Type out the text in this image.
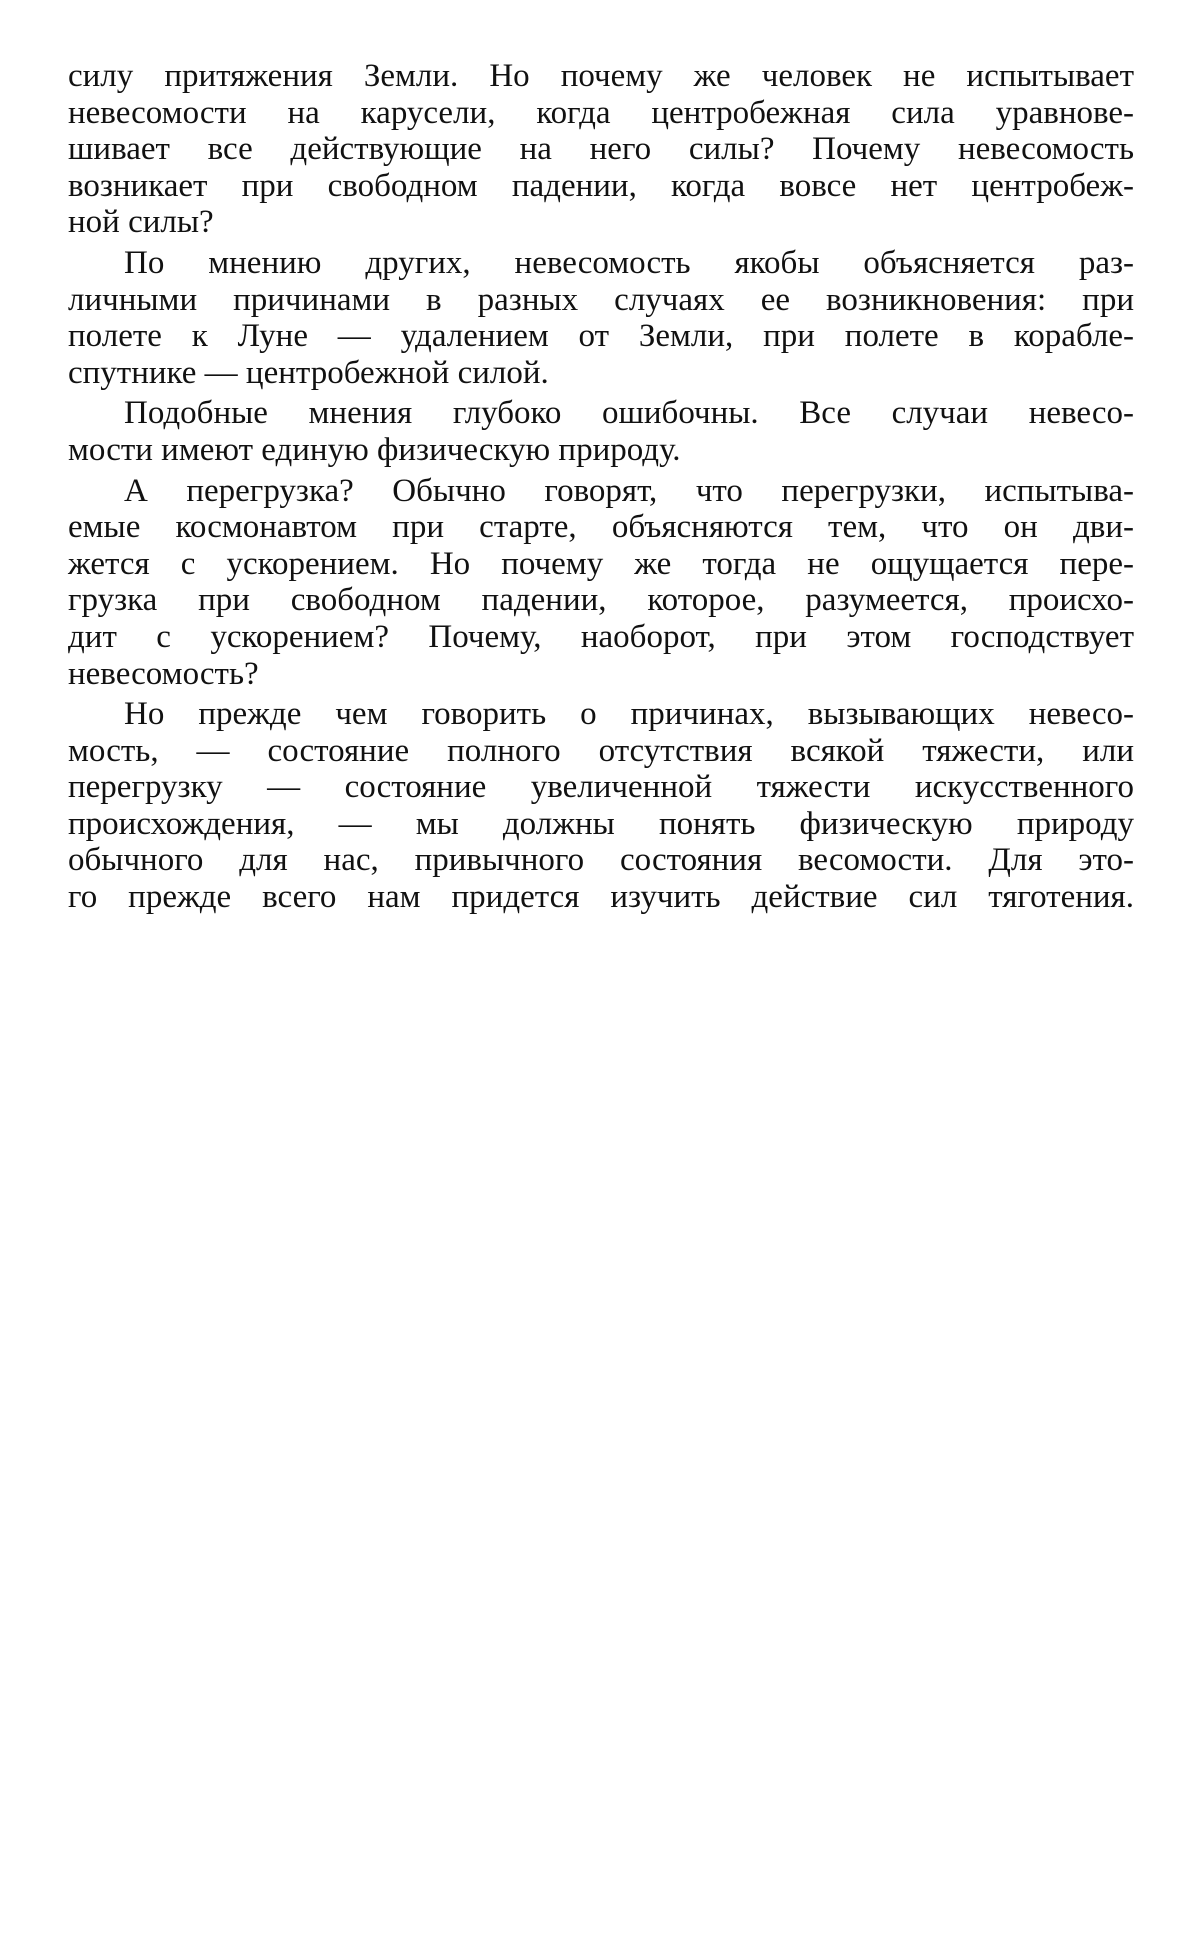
силу притяжения Земли. Но почему же человек не испытывает
невесомости на карусели, когда центробежная сила уравнове-
шивает все действующие на него силы? Почему невесомость
возникает при свободном падении, когда вовсе нет центробеж-
ной силы?
По мнению других, невесомость якобы объясняется раз-
личными причинами в разных случаях ее возникновения: при
полете к Луне — удалением от Земли, при полете в корабле-
спутнике — центробежной силой.
Подобные мнения глубоко ошибочны. Все случаи невесо-
мости имеют единую физическую природу.
А перегрузка? Обычно говорят, что перегрузки, испытыва-
емые космонавтом при старте, объясняются тем, что он дви-
жется с ускорением. Но почему же тогда не ощущается пере-
грузка при свободном падении, которое, разумеется, происхо-
дит с ускорением? Почему, наоборот, при этом господствует
невесомость?
Но прежде чем говорить о причинах, вызывающих невесо-
мость, — состояние полного отсутствия всякой тяжести, или
перегрузку — состояние увеличенной тяжести искусственного
происхождения, — мы должны понять физическую природу
обычного для нас, привычного состояния весомости. Для это-
го прежде всего нам придется изучить действие сил тяготения.
